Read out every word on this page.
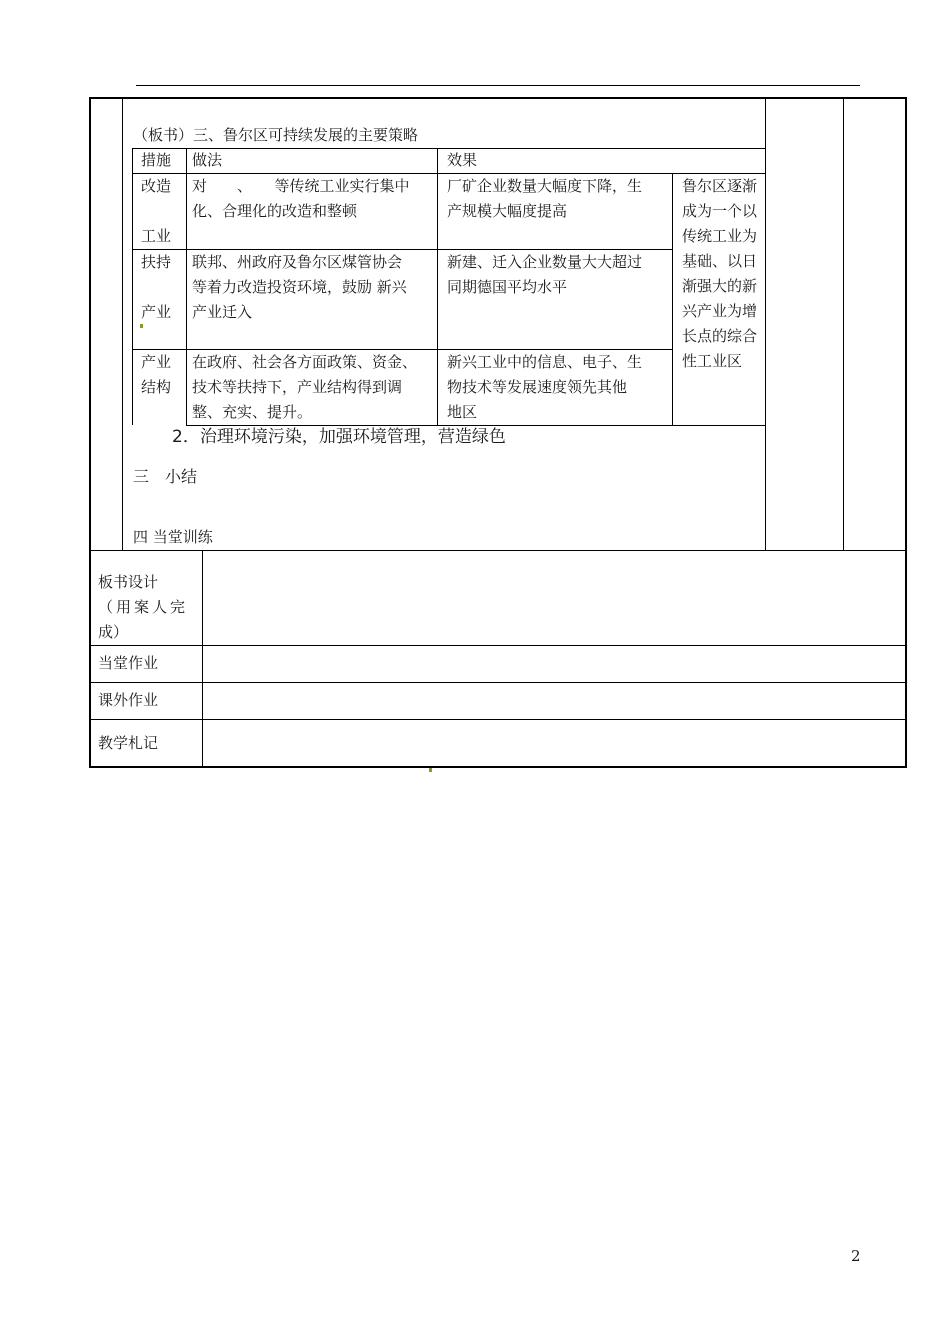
（板书）三、鲁尔区可持续发展的主要策略
措施 做法	效果
改造
工业
对　　、　　等传统工业实行集中
化、合理化的改造和整顿
厂矿企业数量大幅度下降，生
产规模大幅度提高
扶持
产业
联邦、州政府及鲁尔区煤管协会
等着力改造投资环境，鼓励 新兴
产业迁入
新建、迁入企业数量大大超过
同期德国平均水平
产业
结构
在政府、社会各方面政策、资金、
技术等扶持下，产业结构得到调
整、充实、提升。
新兴工业中的信息、电子、生
物技术等发展速度领先其他
地区
鲁尔区逐渐
成为一个以
传统工业为
基础、以日
渐强大的新
兴产业为增
长点的综合
性工业区
2．治理环境污染，加强环境管理，营造绿色
三　小结
四 当堂训练
板书设计
（用案人完
成）
当堂作业
课外作业
教学札记
2
